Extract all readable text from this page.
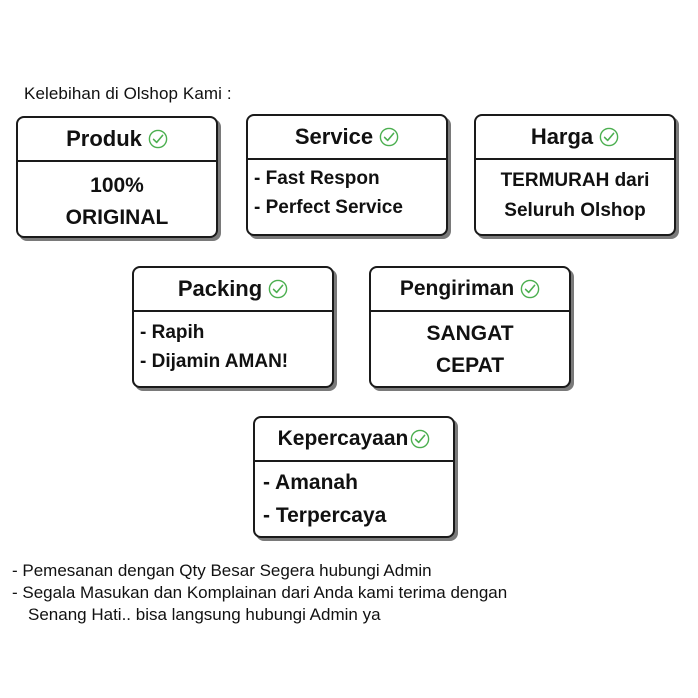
Kelebihan di Olshop Kami :
Produk
100%
ORIGINAL
Service
- Fast Respon
- Perfect Service
Harga
TERMURAH dari
Seluruh Olshop
Packing
- Rapih
- Dijamin AMAN!
Pengiriman
SANGAT
CEPAT
Kepercayaan
- Amanah
- Terpercaya
- Pemesanan dengan Qty Besar Segera hubungi Admin
- Segala Masukan dan Komplainan dari Anda kami terima dengan
Senang Hati.. bisa langsung hubungi Admin ya
